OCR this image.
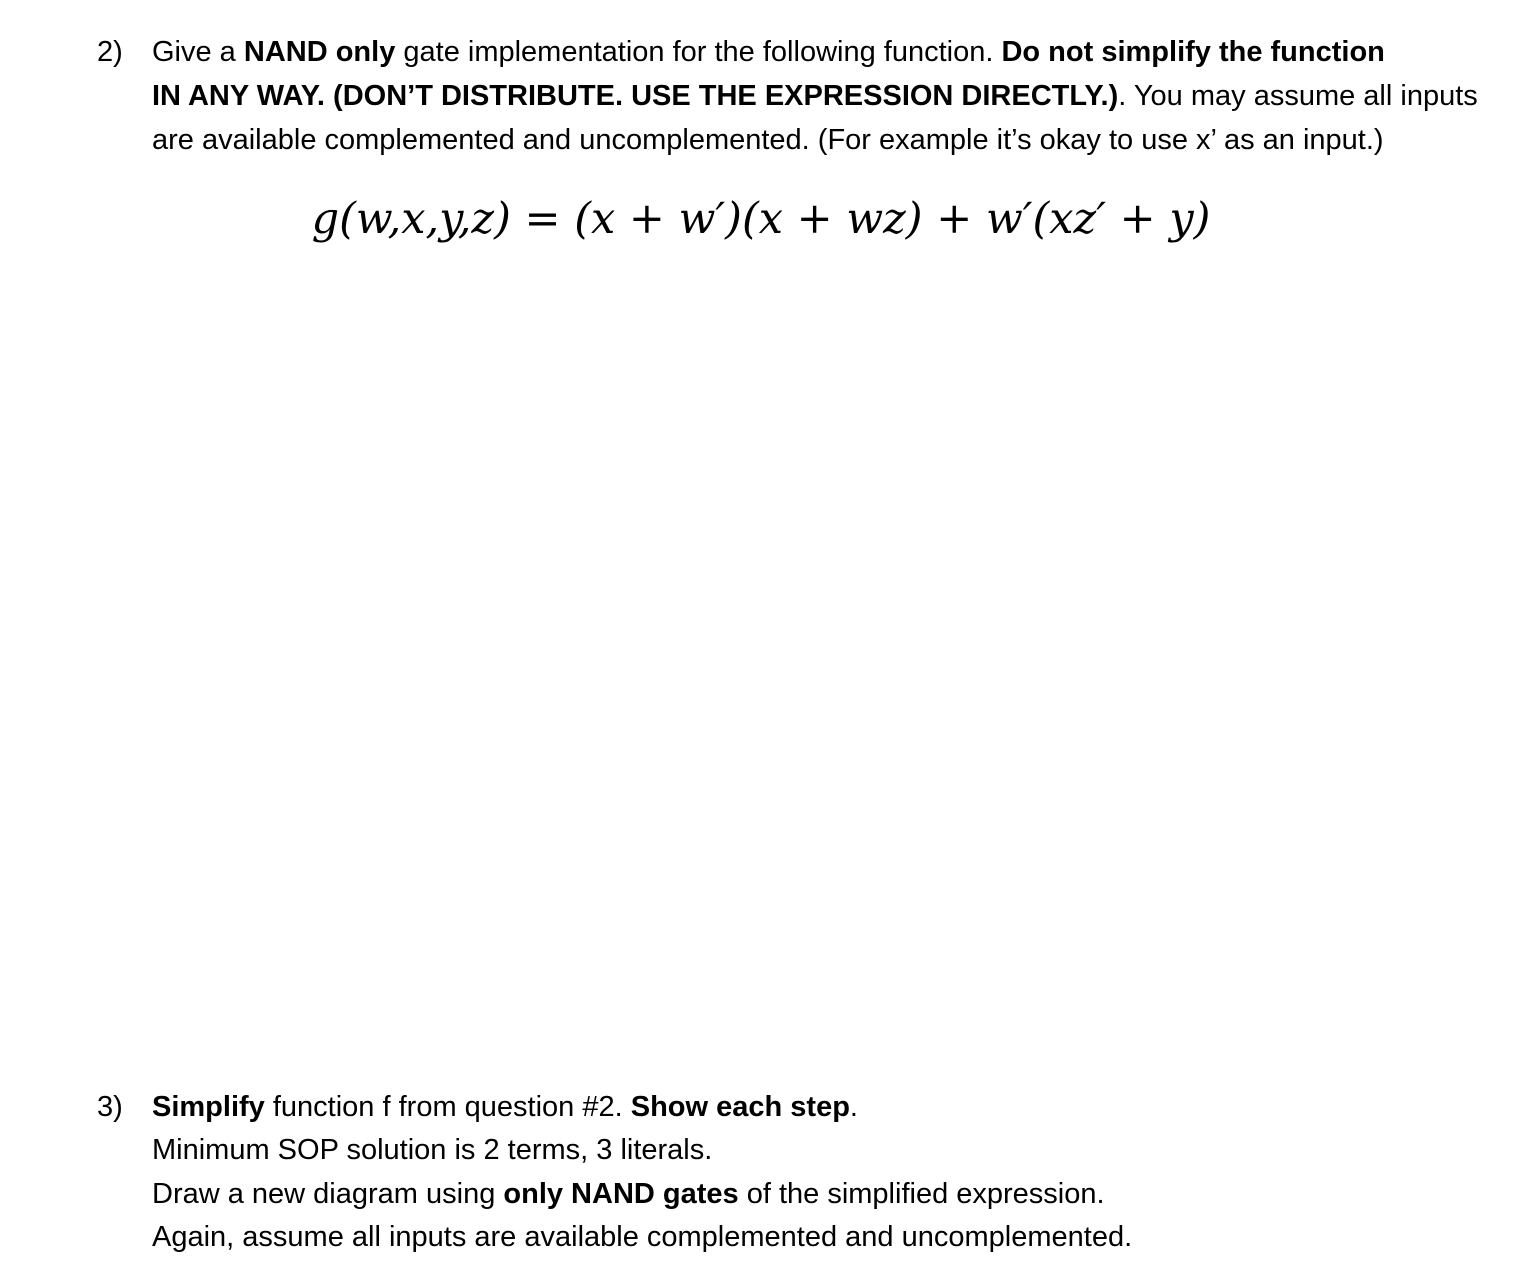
2) Give a NAND only gate implementation for the following function. Do not simplify the function
IN ANY WAY. (DON’T DISTRIBUTE. USE THE EXPRESSION DIRECTLY.). You may assume all inputs
are available complemented and uncomplemented. (For example it’s okay to use x’ as an input.)
g(w,x,y,z) = (x + w′)(x + wz) + w′(xz′ + y)
3) Simplify function f from question #2. Show each step.
Minimum SOP solution is 2 terms, 3 literals.
Draw a new diagram using only NAND gates of the simplified expression.
Again, assume all inputs are available complemented and uncomplemented.
